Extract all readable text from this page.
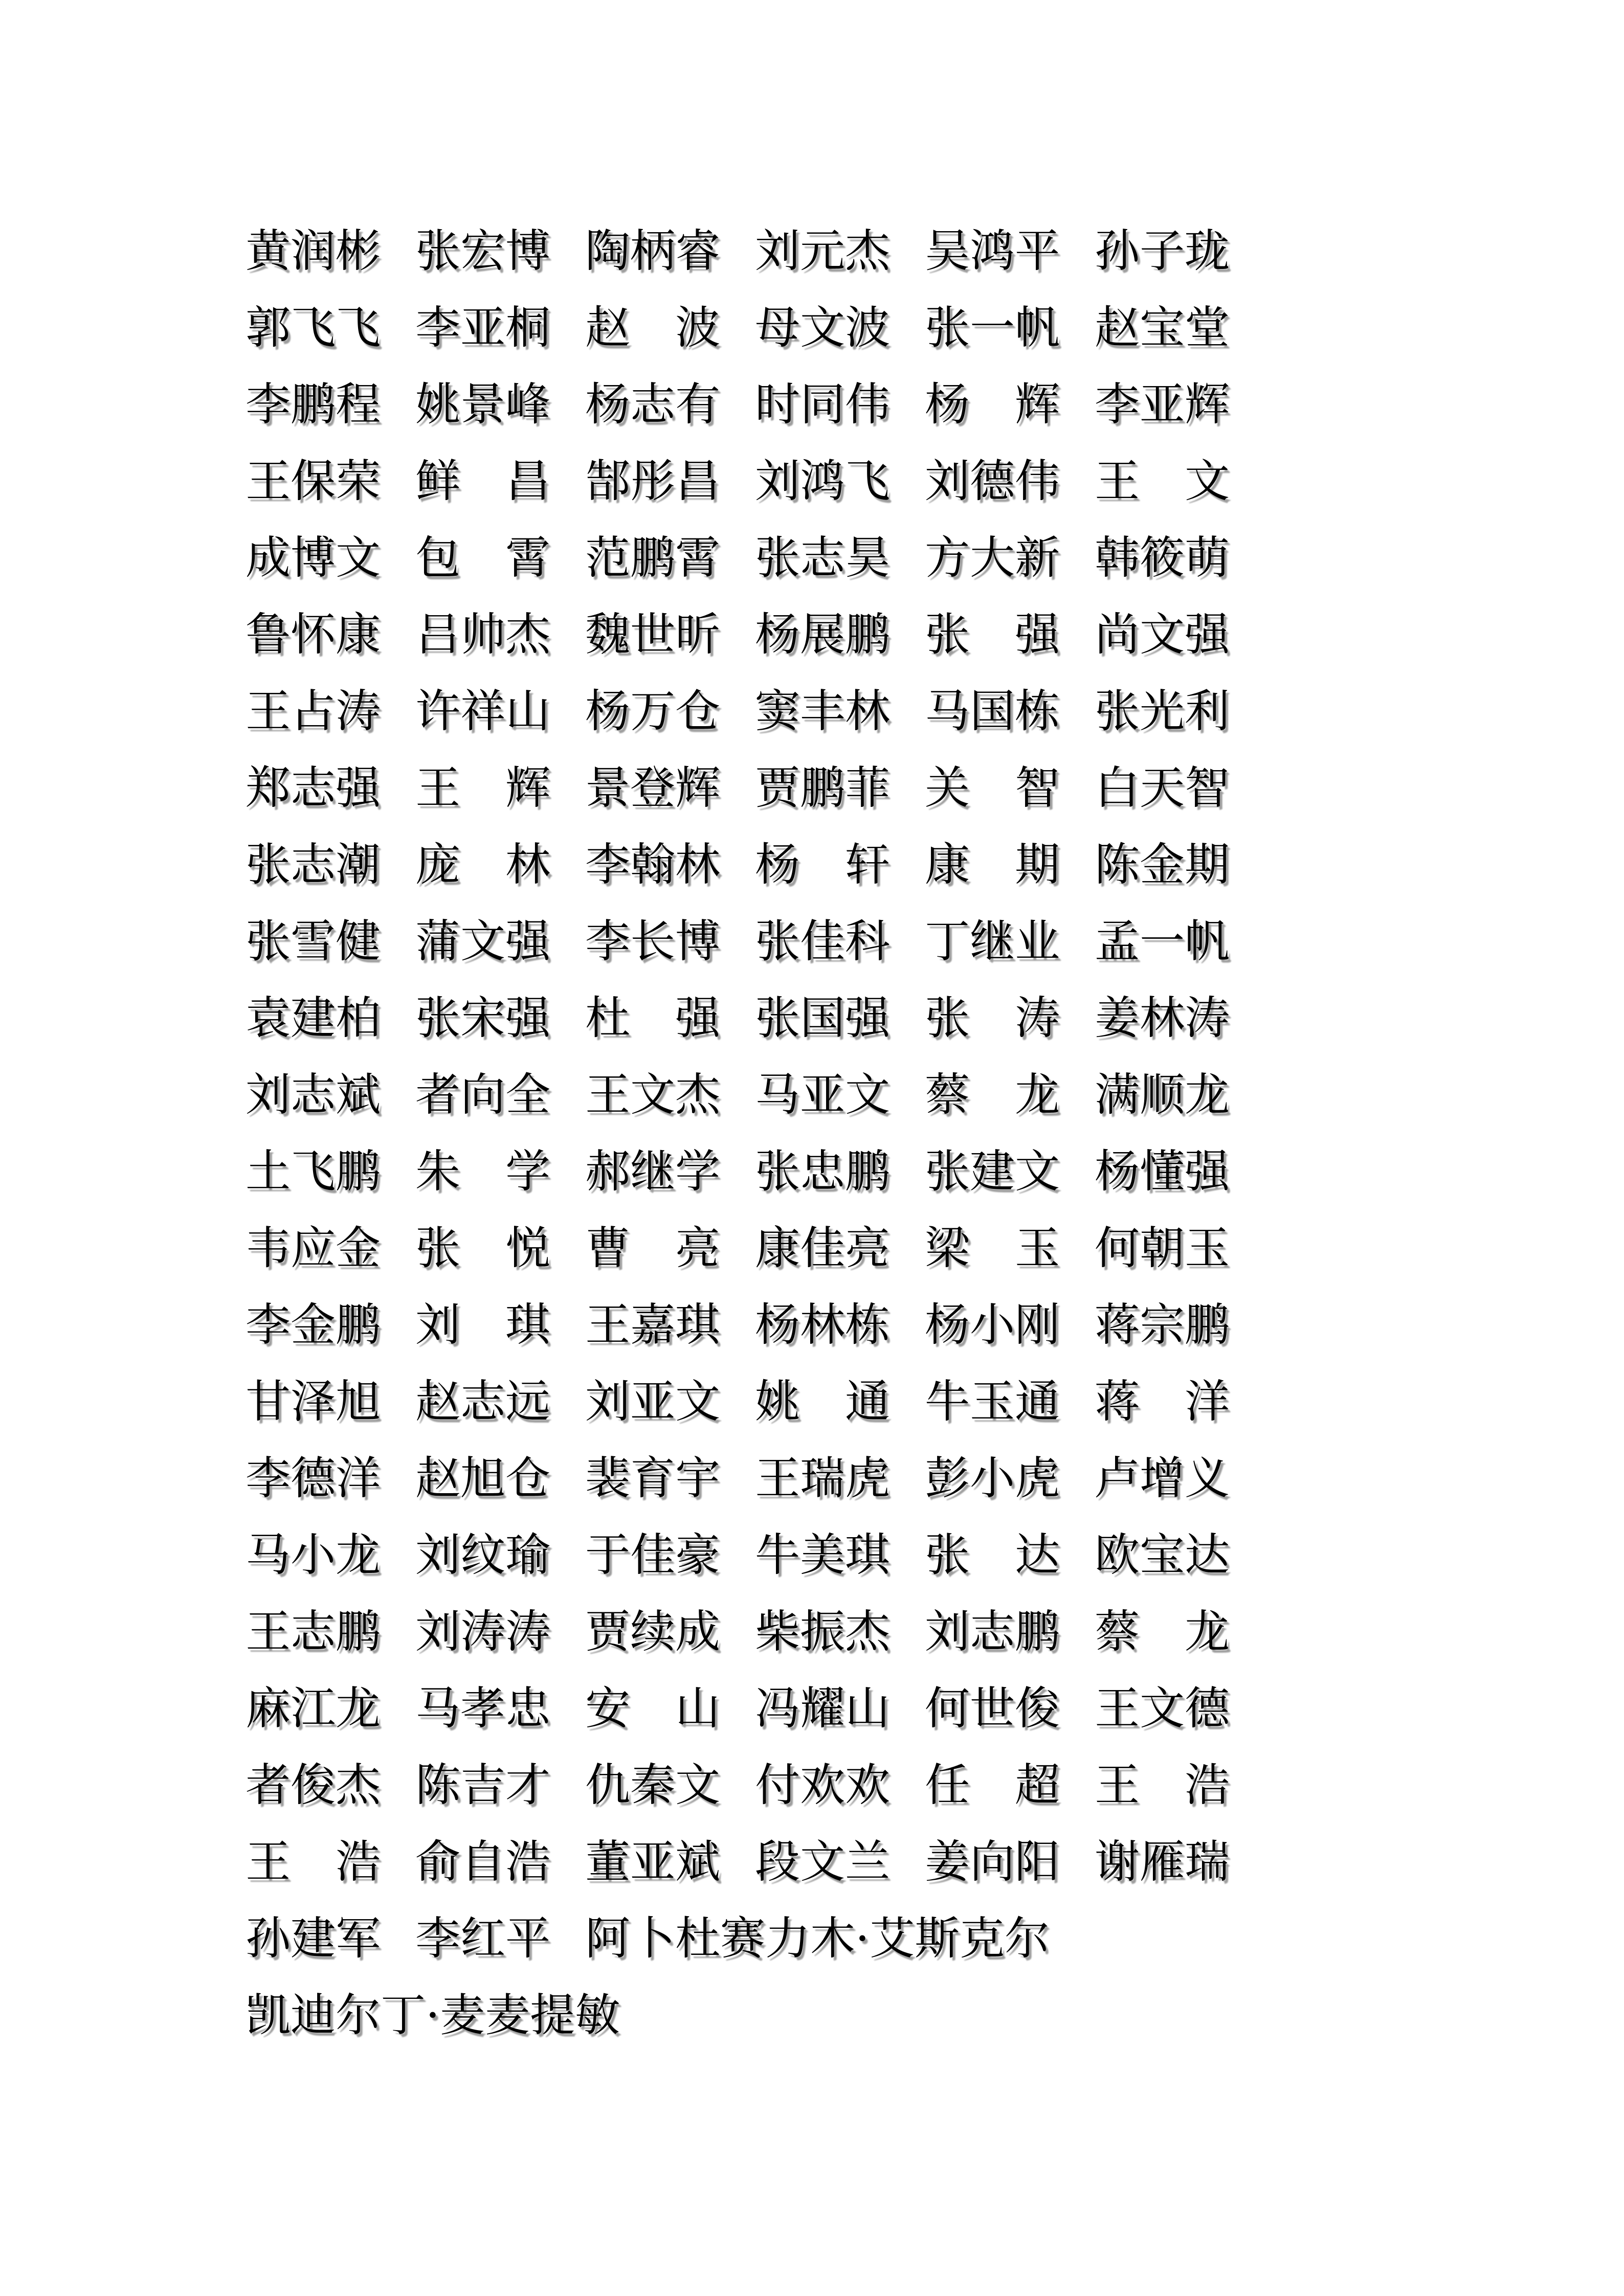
黄润彬 张宏博 陶柄睿 刘元杰 吴鸿平 孙子珑
郭飞飞 李亚桐 赵　波 母文波 张一帆 赵宝堂
李鹏程 姚景峰 杨志有 时同伟 杨　辉 李亚辉
王保荣 鲜　昌 郜彤昌 刘鸿飞 刘德伟 王　文
成博文 包　霄 范鹏霄 张志昊 方大新 韩筱萌
鲁怀康 吕帅杰 魏世昕 杨展鹏 张　强 尚文强
王占涛 许祥山 杨万仓 窦丰林 马国栋 张光利
郑志强 王　辉 景登辉 贾鹏菲 关　智 白天智
张志潮 庞　林 李翰林 杨　轩 康　期 陈金期
张雪健 蒲文强 李长博 张佳科 丁继业 孟一帆
袁建柏 张宋强 杜　强 张国强 张　涛 姜林涛
刘志斌 者向全 王文杰 马亚文 蔡　龙 满顺龙
土飞鹏 朱　学 郝继学 张忠鹏 张建文 杨懂强
韦应金 张　悦 曹　亮 康佳亮 梁　玉 何朝玉
李金鹏 刘　琪 王嘉琪 杨林栋 杨小刚 蒋宗鹏
甘泽旭 赵志远 刘亚文 姚　通 牛玉通 蒋　洋
李德洋 赵旭仓 裴育宇 王瑞虎 彭小虎 卢增义
马小龙 刘纹瑜 于佳豪 牛美琪 张　达 欧宝达
王志鹏 刘涛涛 贾续成 柴振杰 刘志鹏 蔡　龙
麻江龙 马孝忠 安　山 冯耀山 何世俊 王文德
者俊杰 陈吉才 仇秦文 付欢欢 任　超 王　浩
王　浩 俞自浩 董亚斌 段文兰 姜向阳 谢雁瑞
孙建军 李红平 阿卜杜赛力木·艾斯克尔
凯迪尔丁·麦麦提敏
